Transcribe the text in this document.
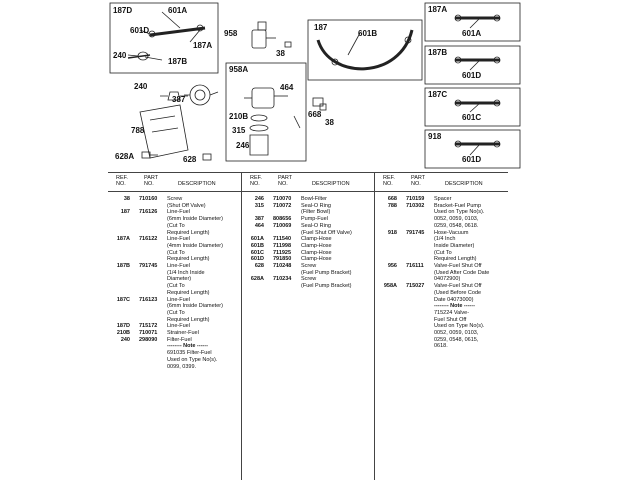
187D	601A
601D
187A
240
187B
958
38
187
601B
240
387
958A
464
210B	668
315
38
246
788
628A	628
187A
601A
187B
601D
187C
601C
918
601D
REF. NO.
PART NO.	DESCRIPTION
38 710160 Screw
(Shut Off Valve)
187 716126 Line-Fuel
(6mm Inside Diameter)
(Cut To
Required Length)
187A 716122 Line-Fuel
(4mm Inside Diameter)
(Cut To
Required Length)
187B 791745 Line-Fuel
(1/4 Inch Inside
Diameter)
(Cut To
Required Length)
187C 716123 Line-Fuel
(6mm Inside Diameter)
(Cut To
Required Length)
187D 715172 Line-Fuel
210B 710071 Strainer-Fuel
240 298090 Filter-Fuel
-------- Note ------
691035 Filter-Fuel
Used on Type No(s).
0099, 0399.
REF. NO.
PART NO.	DESCRIPTION
246 710070 Bowl-Filter
315 710072 Seal-O Ring
(Filter Bowl)
387 808656 Pump-Fuel
464 710069 Seal-O Ring
(Fuel Shut Off Valve)
601A 711540 Clamp-Hose
601B 711998 Clamp-Hose
601C 711925 Clamp-Hose
601D 791850 Clamp-Hose
628 710248 Screw
(Fuel Pump Bracket)
628A 710234 Screw
(Fuel Pump Bracket)
REF. NO.
PART NO.	DESCRIPTION
668 710159 Spacer
788 710302 Bracket-Fuel Pump
Used on Type No(s).
0052, 0059, 0103,
0259, 0548, 0618.
918 791745 Hose-Vacuum
(1/4 Inch
Inside Diameter)
(Cut To
Required Length)
956 716111 Valve-Fuel Shut Off
(Used After Code Date
04072900)
958A 715027 Valve-Fuel Shut Off
(Used Before Code
Date 04073000)
-------- Note ------
715224 Valve-
Fuel Shut Off
Used on Type No(s).
0052, 0059, 0103,
0259, 0548, 0615,
0618.
